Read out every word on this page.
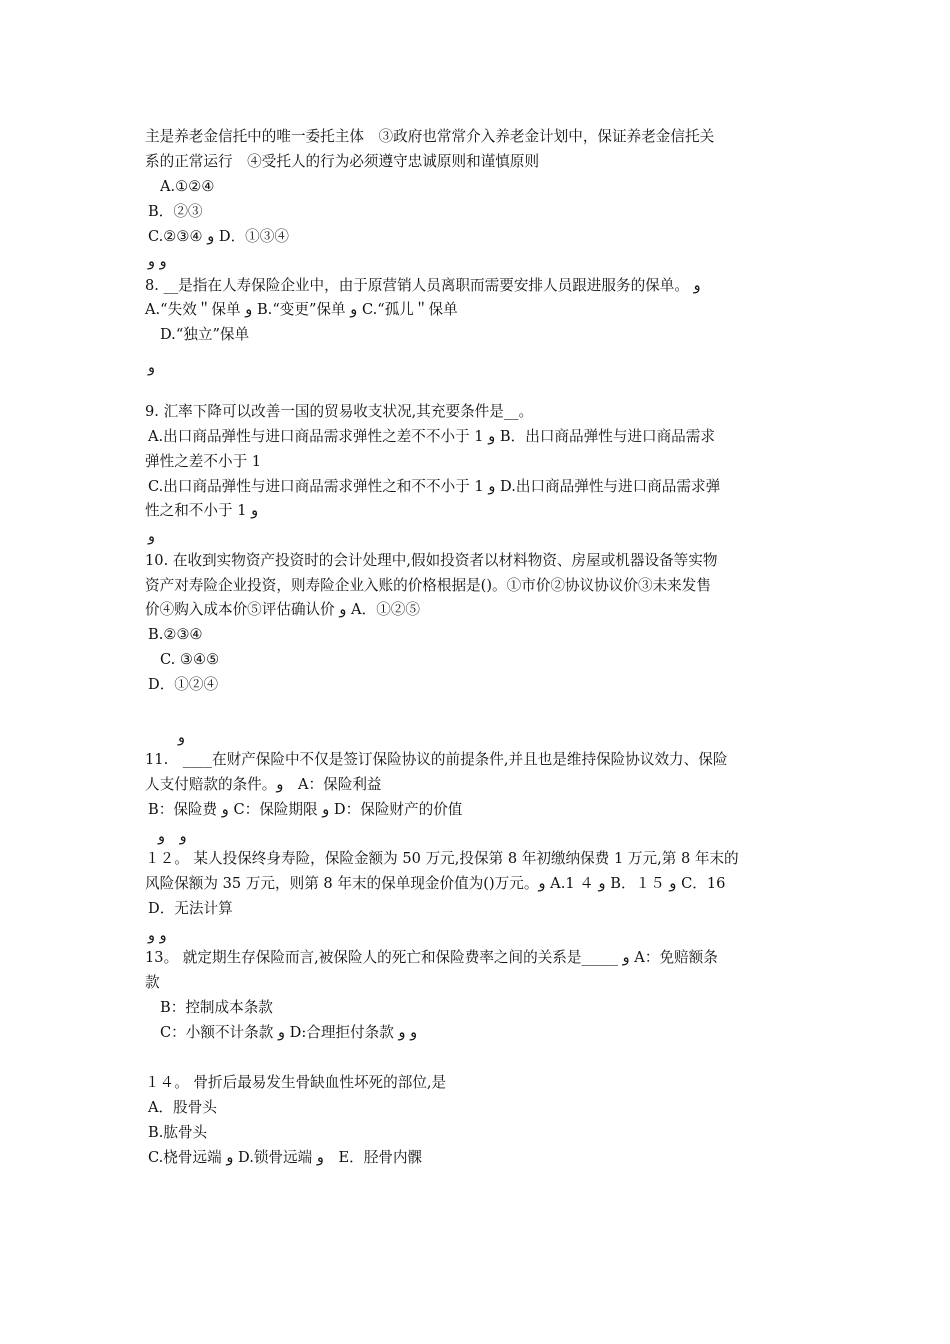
主是养老金信托中的唯一委托主体　③政府也常常介入养老金计划中，保证养老金信托关
系的正常运行　④受托人的行为必须遵守忠诚原则和谨慎原则
A.①②④
B．②③
C.②③④ و D．①③④
و و
8. __是指在人寿保险企业中，由于原营销人员离职而需要安排人员跟进服务的保单。 و
A.“失效＂保单 و B.“变更”保单 و C.“孤儿＂保单
D.“独立”保单
و
9. 汇率下降可以改善一国的贸易收支状况,其充要条件是__。
A.出口商品弹性与进口商品需求弹性之差不不小于 1 و B．出口商品弹性与进口商品需求
弹性之差不小于 1
C.出口商品弹性与进口商品需求弹性之和不不小于 1 و D.出口商品弹性与进口商品需求弹
性之和不小于 1 و
و
10. 在收到实物资产投资时的会计处理中,假如投资者以材料物资、房屋或机器设备等实物
资产对寿险企业投资，则寿险企业入账的价格根据是()。①市价②协议协议价③未来发售
价④购入成本价⑤评估确认价 و A．①②⑤
B.②③④
C. ③④⑤
D．①②④
و
11.　____在财产保险中不仅是签订保险协议的前提条件,并且也是维持保险协议效力、保险
人支付赔款的条件。و　A：保险利益
B：保险费 و C：保险期限 و D：保险财产的价值
و　و
１２。 某人投保终身寿险，保险金额为 50 万元,投保第 8 年初缴纳保费 1 万元,第 8 年末的
风险保额为 35 万元，则第 8 年末的保单现金价值为()万元。و A.1 ４ و B．１５ و C．16
D．无法计算
و و
13。 就定期生存保险而言,被保险人的死亡和保险费率之间的关系是_____ و A：免赔额条
款
B：控制成本条款
C：小额不计条款 و D:合理拒付条款 و و
１４。 骨折后最易发生骨缺血性坏死的部位,是
A．股骨头
B.肱骨头
C.桡骨远端 و D.锁骨远端 و　E．胫骨内髁
